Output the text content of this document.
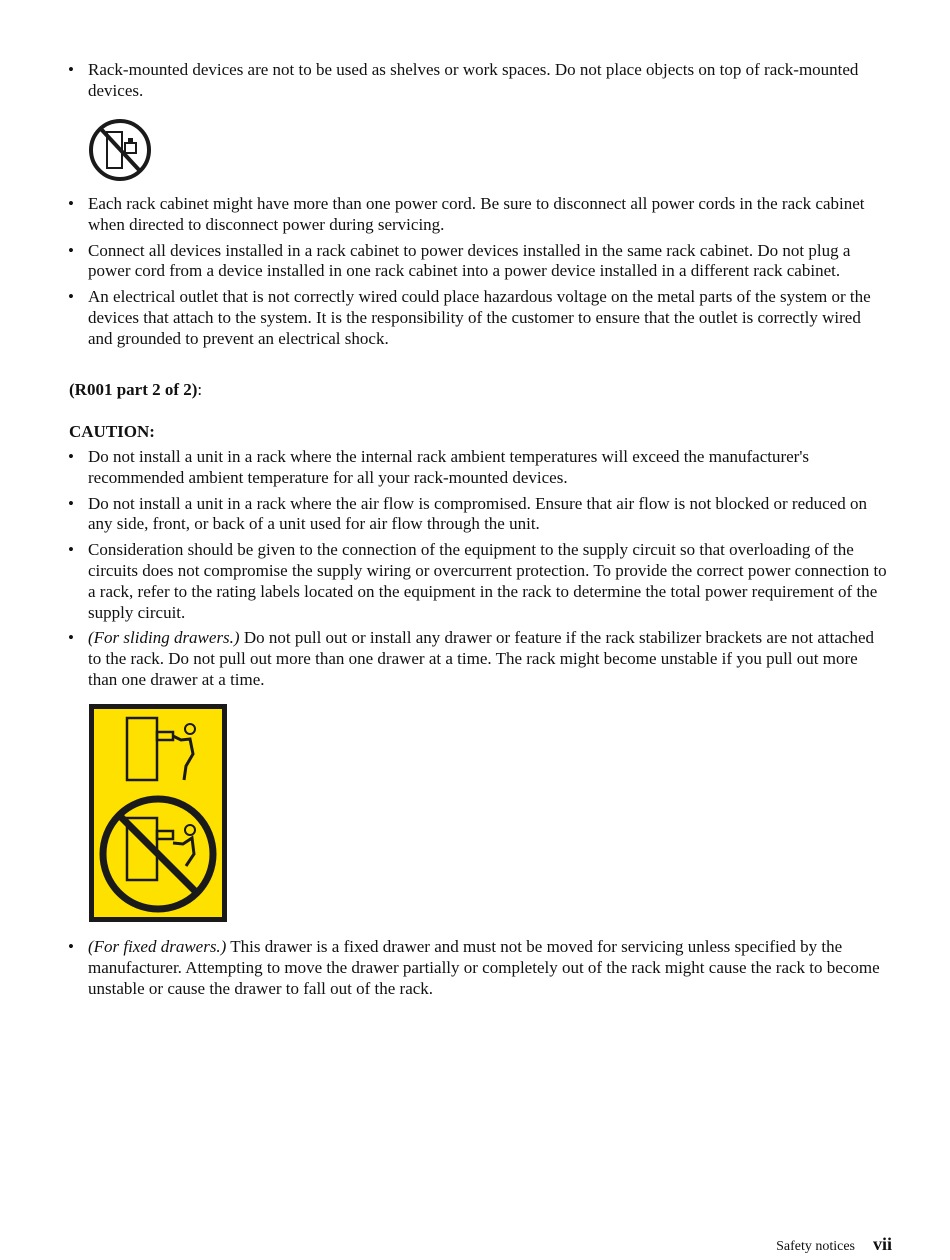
• Rack-mounted devices are not to be used as shelves or work spaces. Do not place objects on top of rack-mounted devices.
• Each rack cabinet might have more than one power cord. Be sure to disconnect all power cords in the rack cabinet when directed to disconnect power during servicing.
• Connect all devices installed in a rack cabinet to power devices installed in the same rack cabinet. Do not plug a power cord from a device installed in one rack cabinet into a power device installed in a different rack cabinet.
• An electrical outlet that is not correctly wired could place hazardous voltage on the metal parts of the system or the devices that attach to the system. It is the responsibility of the customer to ensure that the outlet is correctly wired and grounded to prevent an electrical shock.
(R001 part 2 of 2):
CAUTION:
• Do not install a unit in a rack where the internal rack ambient temperatures will exceed the manufacturer's recommended ambient temperature for all your rack-mounted devices.
• Do not install a unit in a rack where the air flow is compromised. Ensure that air flow is not blocked or reduced on any side, front, or back of a unit used for air flow through the unit.
• Consideration should be given to the connection of the equipment to the supply circuit so that overloading of the circuits does not compromise the supply wiring or overcurrent protection. To provide the correct power connection to a rack, refer to the rating labels located on the equipment in the rack to determine the total power requirement of the supply circuit.
• (For sliding drawers.) Do not pull out or install any drawer or feature if the rack stabilizer brackets are not attached to the rack. Do not pull out more than one drawer at a time. The rack might become unstable if you pull out more than one drawer at a time.
• (For fixed drawers.) This drawer is a fixed drawer and must not be moved for servicing unless specified by the manufacturer. Attempting to move the drawer partially or completely out of the rack might cause the rack to become unstable or cause the drawer to fall out of the rack.
Safety notices vii
